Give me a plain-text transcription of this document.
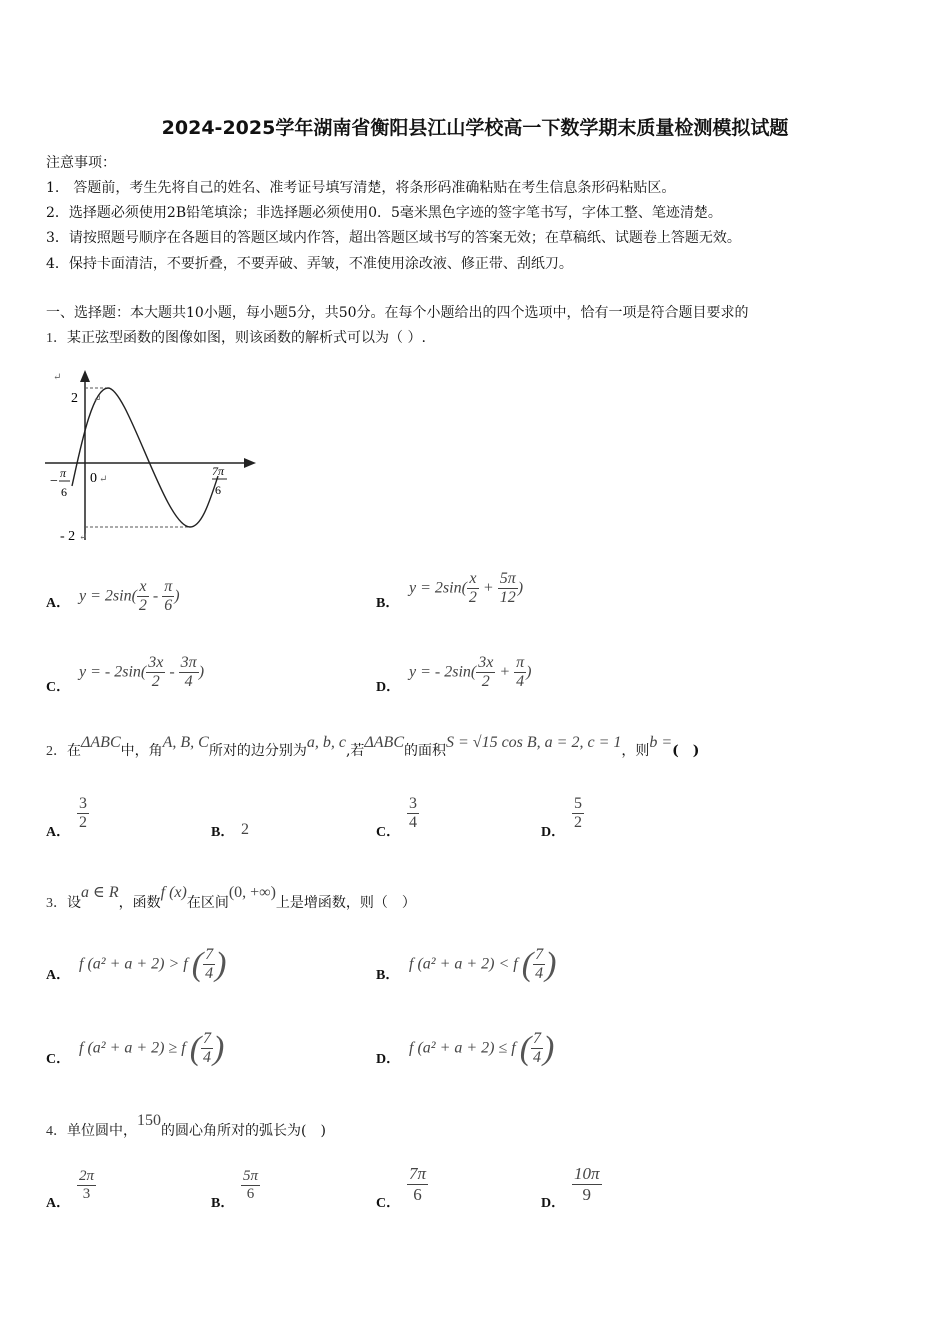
2024-2025学年湖南省衡阳县江山学校高一下数学期末质量检测模拟试题
注意事项：
1.　答题前，考生先将自己的姓名、准考证号填写清楚，将条形码准确粘贴在考生信息条形码粘贴区。
2．选择题必须使用2B铅笔填涂；非选择题必须使用0．5毫米黑色字迹的签字笔书写，字体工整、笔迹清楚。
3．请按照题号顺序在各题目的答题区域内作答，超出答题区域书写的答案无效；在草稿纸、试题卷上答题无效。
4．保持卡面清洁，不要折叠，不要弄破、弄皱，不准使用涂改液、修正带、刮纸刀。
一、选择题：本大题共10小题，每小题5分，共50分。在每个小题给出的四个选项中，恰有一项是符合题目要求的
1．某正弦型函数的图像如图，则该函数的解析式可以为（ ）.
2 ↵
↵
- 2 ↵
−
π
6
0 ↵
7π
6
A． $y = 2\sin( \frac{x}{2} - \frac{\pi}{6}$ )	B．
$y = 2\sin( \frac{x}{2} + \frac{5\pi}{12}$ )
C．
y = - $2\sin( \frac{3x}{2} - \frac{3\pi}{4}$ )
D．
y = - $2\sin( \frac{3x}{2} + \frac{\pi}{4}$ )
2．在ΔABC中，角A, B, C所对的边分别为a, b, c,若ΔABC的面积S = √15 cos B, a = 2, c = 1，则b =(　)
A． $\frac{3}{2}$	B． 2	C． $\frac{3}{4}$	D． $\frac{5}{2}$
3．设a ∈ R，函数f (x)在区间(0, +∞)上是增函数，则（　）
A．
f (a² + a + 2) > f ( $\frac{7}{4}$ )	B．
f (a² + a + 2) < f ( $\frac{7}{4}$ )
C．
f (a² + a + 2) ≥ f ( $\frac{7}{4}$ )	D．
f (a² + a + 2) ≤ f ( $\frac{7}{4}$ )
4．单位圆中，150的圆心角所对的弧长为(　)
A． $\frac{2\pi}{3}$	B． $\frac{5\pi}{6}$	C． $\frac{7\pi}{6}$	D． $\frac{10\pi}{9}$
